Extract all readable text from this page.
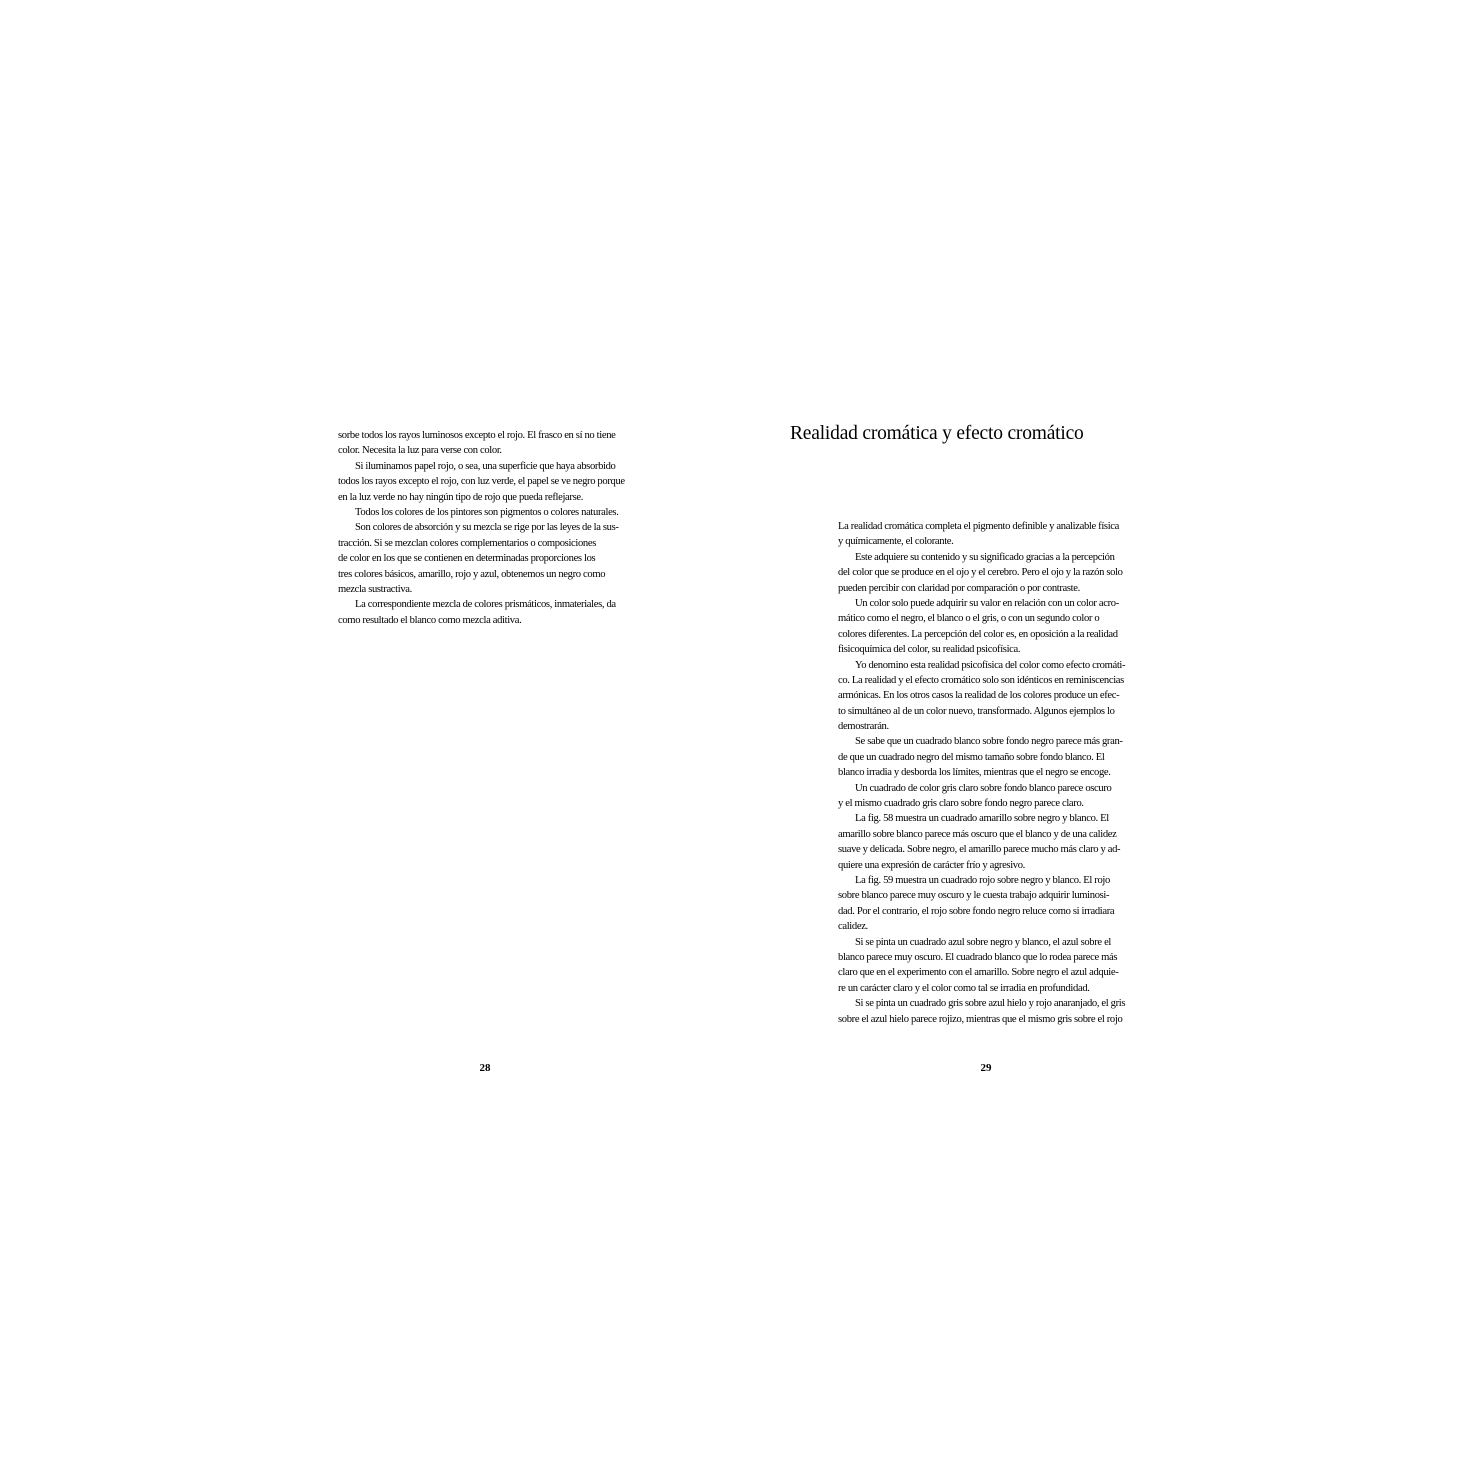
sorbe todos los rayos luminosos excepto el rojo. El frasco en sí no tiene
color. Necesita la luz para verse con color.
Si iluminamos papel rojo, o sea, una superficie que haya absorbido
todos los rayos excepto el rojo, con luz verde, el papel se ve negro porque
en la luz verde no hay ningún tipo de rojo que pueda reflejarse.
Todos los colores de los pintores son pigmentos o colores naturales.
Son colores de absorción y su mezcla se rige por las leyes de la sus-
tracción. Si se mezclan colores complementarios o composiciones
de color en los que se contienen en determinadas proporciones los
tres colores básicos, amarillo, rojo y azul, obtenemos un negro como
mezcla sustractiva.
La correspondiente mezcla de colores prismáticos, inmateriales, da
como resultado el blanco como mezcla aditiva.
28
Realidad cromática y efecto cromático
La realidad cromática completa el pigmento definible y analizable física
y químicamente, el colorante.
Este adquiere su contenido y su significado gracias a la percepción
del color que se produce en el ojo y el cerebro. Pero el ojo y la razón solo
pueden percibir con claridad por comparación o por contraste.
Un color solo puede adquirir su valor en relación con un color acro-
mático como el negro, el blanco o el gris, o con un segundo color o
colores diferentes. La percepción del color es, en oposición a la realidad
fisicoquímica del color, su realidad psicofísica.
Yo denomino esta realidad psicofísica del color como efecto cromáti-
co. La realidad y el efecto cromático solo son idénticos en reminiscencias
armónicas. En los otros casos la realidad de los colores produce un efec-
to simultáneo al de un color nuevo, transformado. Algunos ejemplos lo
demostrarán.
Se sabe que un cuadrado blanco sobre fondo negro parece más gran-
de que un cuadrado negro del mismo tamaño sobre fondo blanco. El
blanco irradia y desborda los límites, mientras que el negro se encoge.
Un cuadrado de color gris claro sobre fondo blanco parece oscuro
y el mismo cuadrado gris claro sobre fondo negro parece claro.
La fig. 58 muestra un cuadrado amarillo sobre negro y blanco. El
amarillo sobre blanco parece más oscuro que el blanco y de una calidez
suave y delicada. Sobre negro, el amarillo parece mucho más claro y ad-
quiere una expresión de carácter frío y agresivo.
La fig. 59 muestra un cuadrado rojo sobre negro y blanco. El rojo
sobre blanco parece muy oscuro y le cuesta trabajo adquirir luminosi-
dad. Por el contrario, el rojo sobre fondo negro reluce como si irradiara
calidez.
Si se pinta un cuadrado azul sobre negro y blanco, el azul sobre el
blanco parece muy oscuro. El cuadrado blanco que lo rodea parece más
claro que en el experimento con el amarillo. Sobre negro el azul adquie-
re un carácter claro y el color como tal se irradia en profundidad.
Si se pinta un cuadrado gris sobre azul hielo y rojo anaranjado, el gris
sobre el azul hielo parece rojizo, mientras que el mismo gris sobre el rojo
29
